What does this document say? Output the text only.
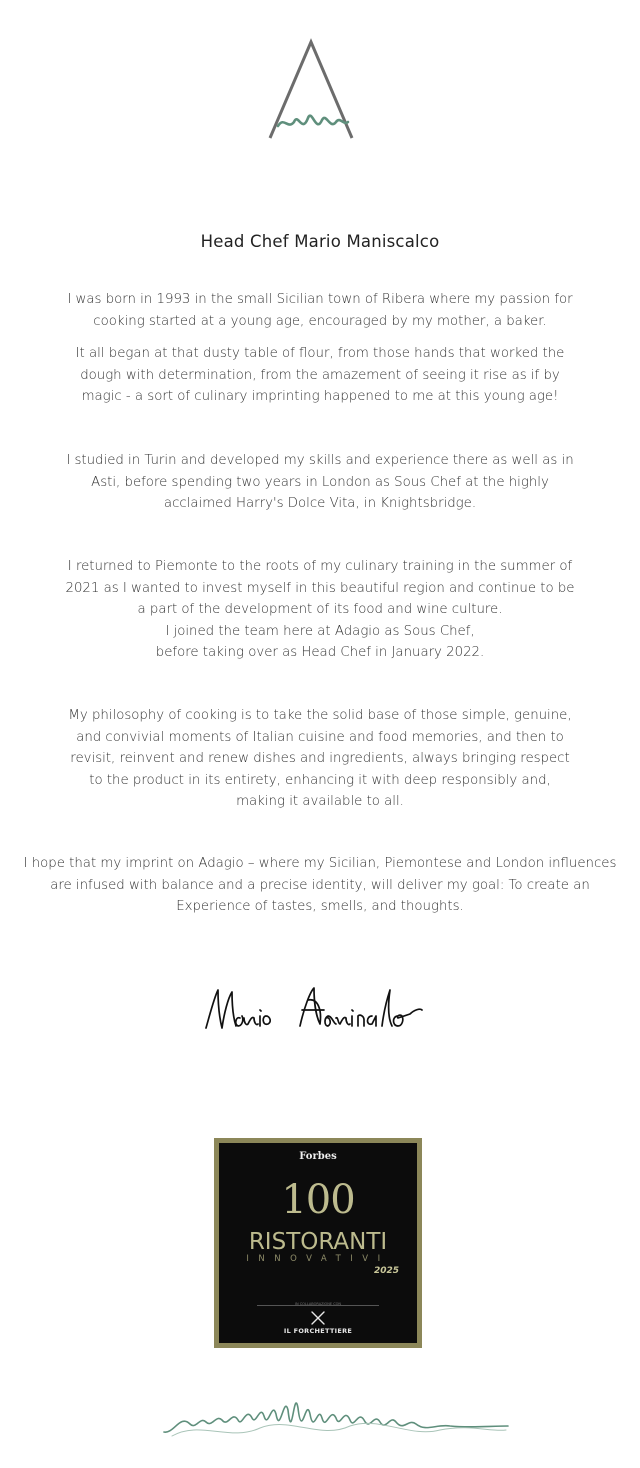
Head Chef Mario Maniscalco

I was born in 1993 in the small Sicilian town of Ribera where my passion for
cooking started at a young age, encouraged by my mother, a baker.

It all began at that dusty table of flour, from those hands that worked the
dough with determination, from the amazement of seeing it rise as if by
magic - a sort of culinary imprinting happened to me at this young age!

I studied in Turin and developed my skills and experience there as well as in
Asti, before spending two years in London as Sous Chef at the highly
acclaimed Harry's Dolce Vita, in Knightsbridge.

I returned to Piemonte to the roots of my culinary training in the summer of
2021 as I wanted to invest myself in this beautiful region and continue to be
a part of the development of its food and wine culture.
I joined the team here at Adagio as Sous Chef,
before taking over as Head Chef in January 2022.

My philosophy of cooking is to take the solid base of those simple, genuine,
and convivial moments of Italian cuisine and food memories, and then to
revisit, reinvent and renew dishes and ingredients, always bringing respect
to the product in its entirety, enhancing it with deep responsibly and,
making it available to all.

I hope that my imprint on Adagio – where my Sicilian, Piemontese and London influences
are infused with balance and a precise identity, will deliver my goal: To create an
Experience of tastes, smells, and thoughts.

Forbes
100
RISTORANTI
INNOVATIVI
2025
IN COLLABORAZIONE CON
IL FORCHETTIERE
